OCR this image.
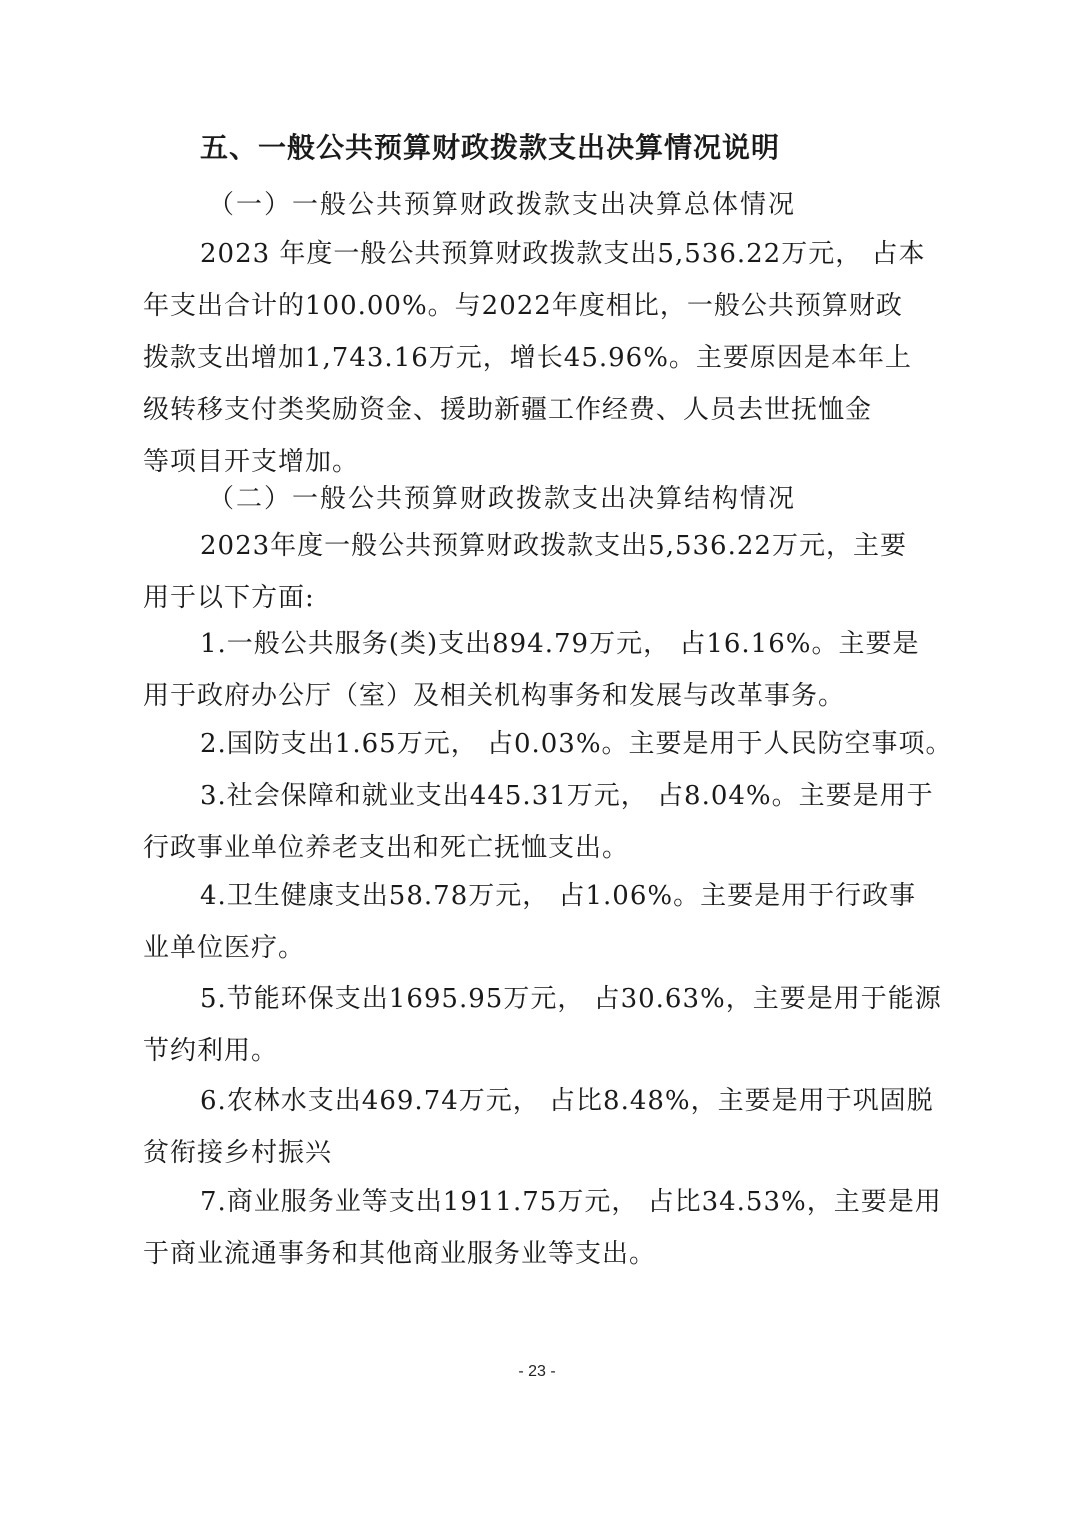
五、一般公共预算财政拨款支出决算情况说明
（一）一般公共预算财政拨款支出决算总体情况
2023 年度一般公共预算财政拨款支出5,536.22万元， 占本
年支出合计的100.00%。与2022年度相比，一般公共预算财政
拨款支出增加1,743.16万元，增长45.96%。主要原因是本年上
级转移支付类奖励资金、援助新疆工作经费、人员去世抚恤金
等项目开支增加。
（二）一般公共预算财政拨款支出决算结构情况
2023年度一般公共预算财政拨款支出5,536.22万元，主要
用于以下方面:
1.一般公共服务(类)支出894.79万元， 占16.16%。主要是
用于政府办公厅（室）及相关机构事务和发展与改革事务。
2.国防支出1.65万元， 占0.03%。主要是用于人民防空事项。
3.社会保障和就业支出445.31万元， 占8.04%。主要是用于
行政事业单位养老支出和死亡抚恤支出。
4.卫生健康支出58.78万元， 占1.06%。主要是用于行政事
业单位医疗。
5.节能环保支出1695.95万元， 占30.63%，主要是用于能源
节约利用。
6.农林水支出469.74万元， 占比8.48%，主要是用于巩固脱
贫衔接乡村振兴
7.商业服务业等支出1911.75万元， 占比34.53%，主要是用
于商业流通事务和其他商业服务业等支出。
- 23 -
